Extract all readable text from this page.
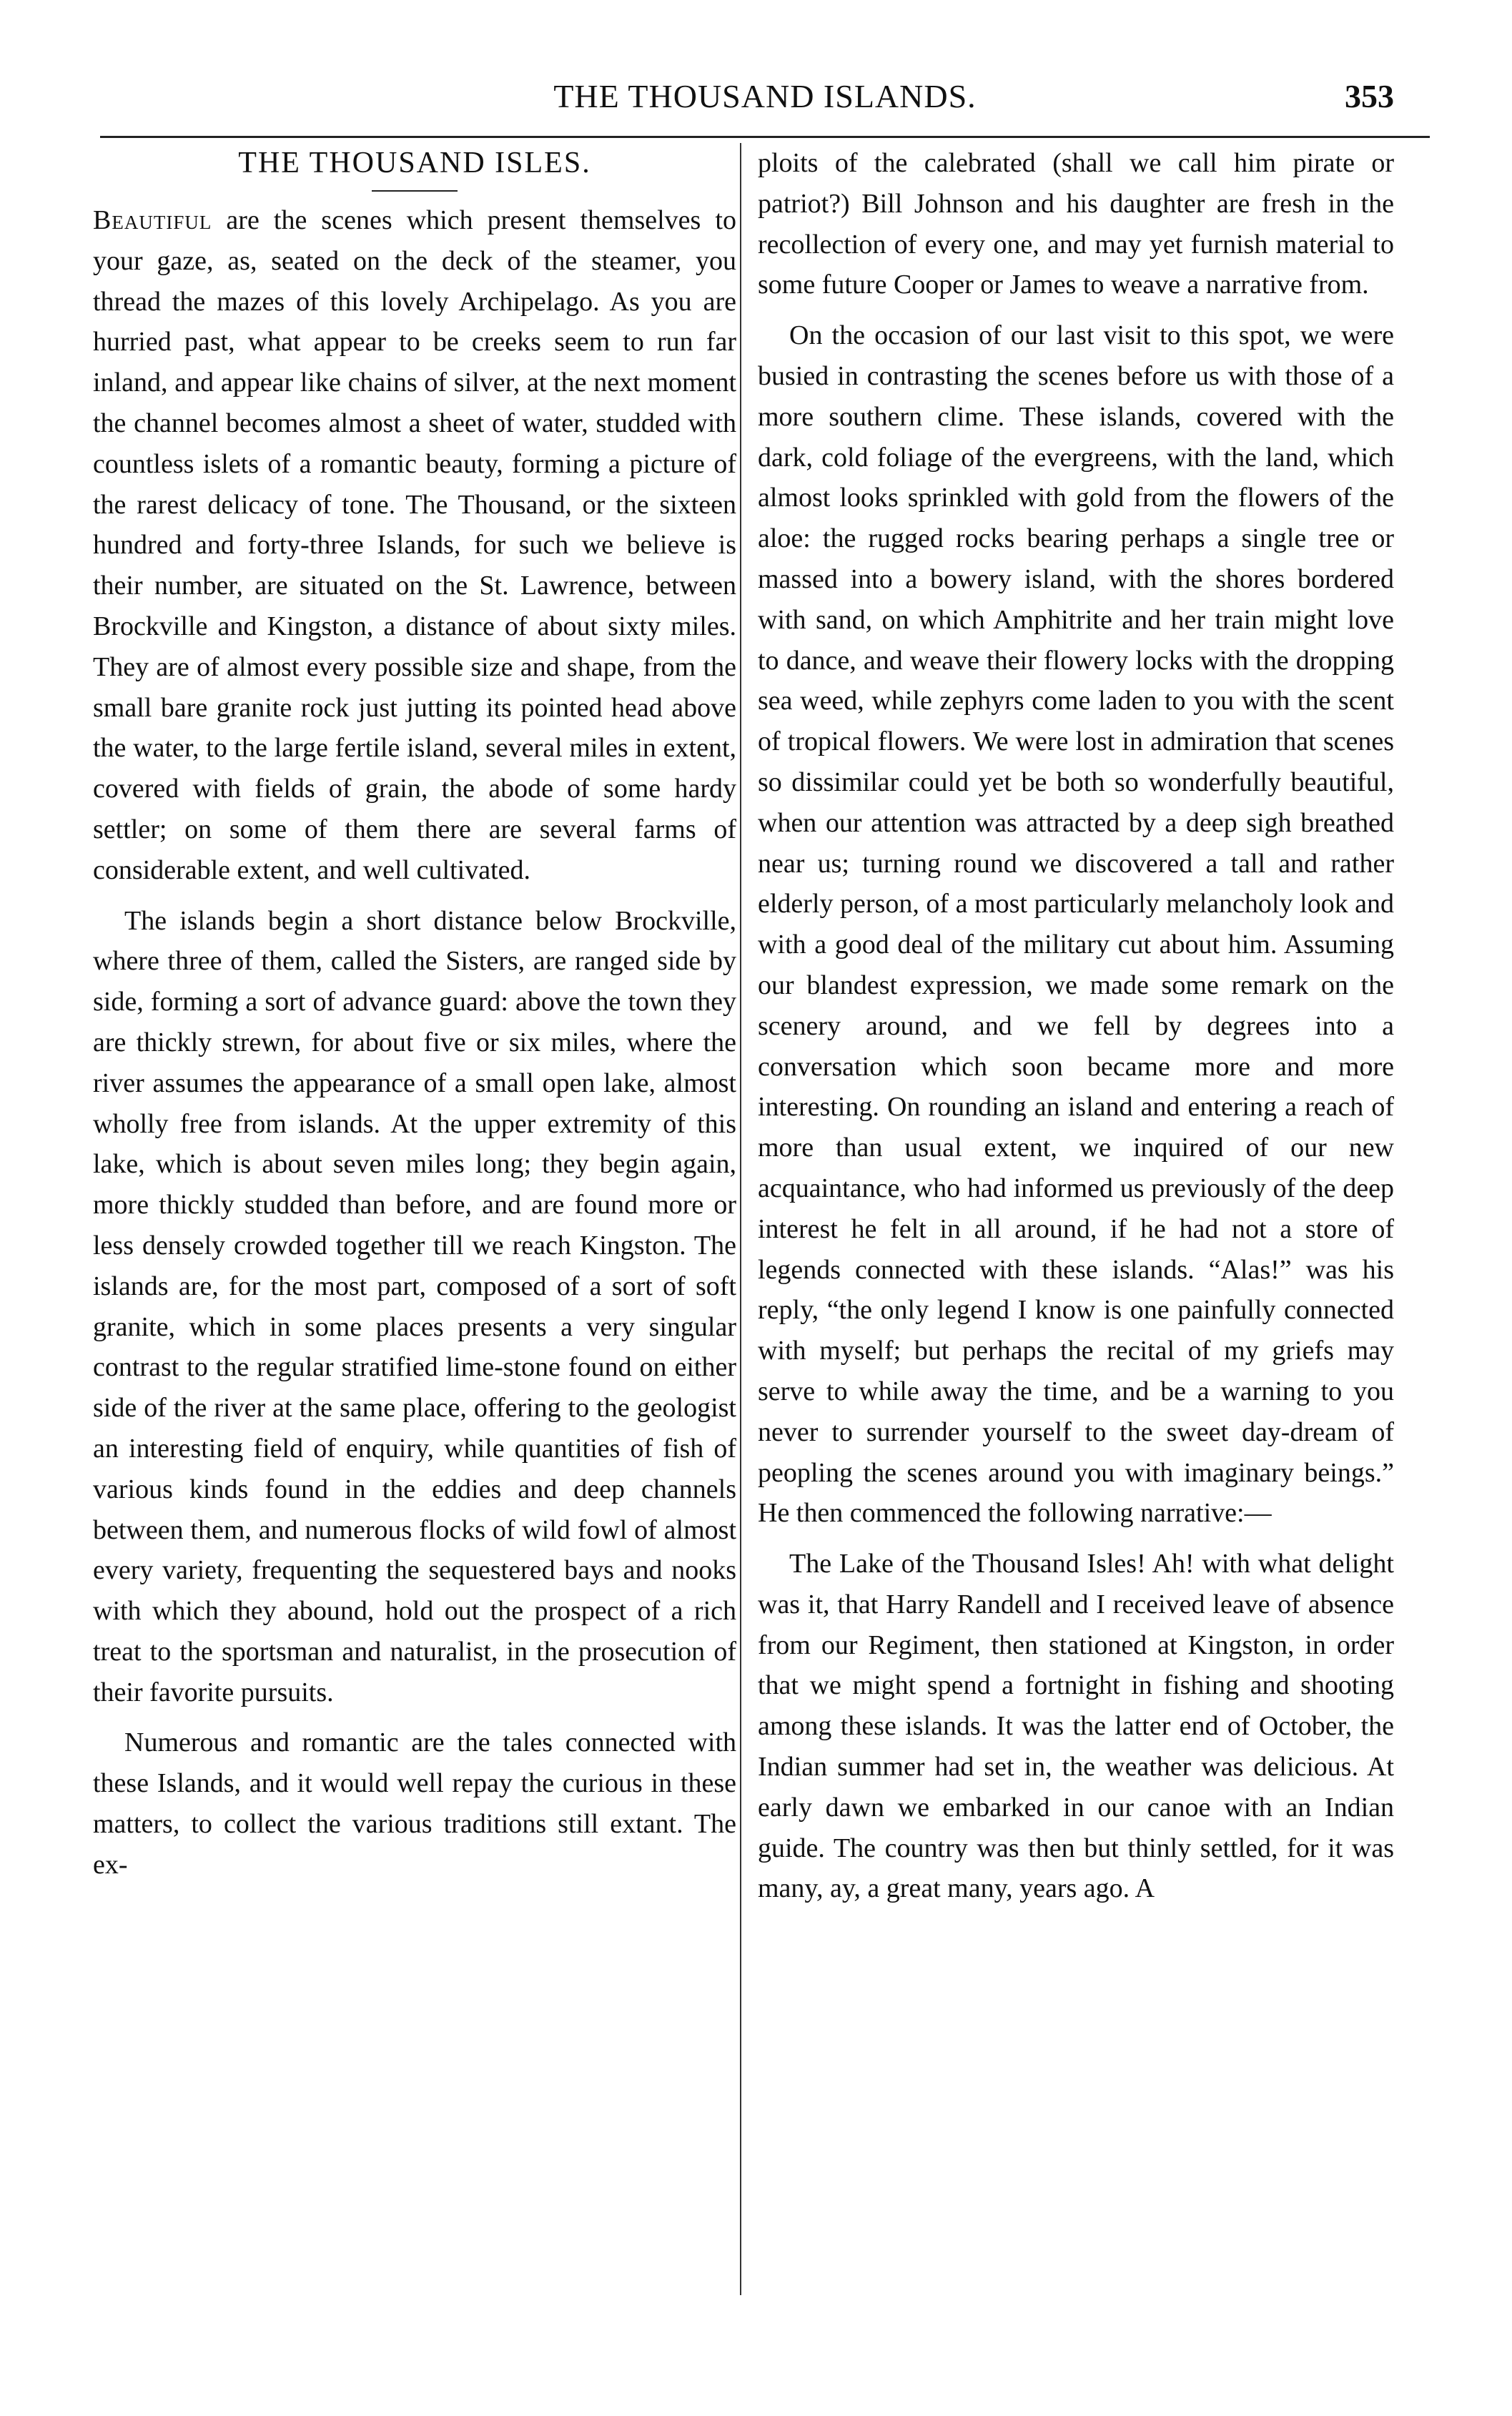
THE THOUSAND ISLANDS.	353
THE THOUSAND ISLES.

Beautiful are the scenes which present themselves to your gaze, as, seated on the deck of the steamer, you thread the mazes of this lovely Archipelago. As you are hurried past, what appear to be creeks seem to run far inland, and appear like chains of silver, at the next moment the channel becomes almost a sheet of water, studded with countless islets of a romantic beauty, forming a picture of the rarest delicacy of tone. The Thousand, or the sixteen hundred and forty-three Islands, for such we believe is their number, are situated on the St. Lawrence, between Brockville and Kingston, a distance of about sixty miles. They are of almost every possible size and shape, from the small bare granite rock just jutting its pointed head above the water, to the large fertile island, several miles in extent, covered with fields of grain, the abode of some hardy settler; on some of them there are several farms of considerable extent, and well cultivated.

The islands begin a short distance below Brockville, where three of them, called the Sisters, are ranged side by side, forming a sort of advance guard: above the town they are thickly strewn, for about five or six miles, where the river assumes the appearance of a small open lake, almost wholly free from islands. At the upper extremity of this lake, which is about seven miles long; they begin again, more thickly studded than before, and are found more or less densely crowded together till we reach Kingston. The islands are, for the most part, composed of a sort of soft granite, which in some places presents a very singular contrast to the regular stratified lime-stone found on either side of the river at the same place, offering to the geologist an interesting field of enquiry, while quantities of fish of various kinds found in the eddies and deep channels between them, and numerous flocks of wild fowl of almost every variety, frequenting the sequestered bays and nooks with which they abound, hold out the prospect of a rich treat to the sportsman and naturalist, in the prosecution of their favorite pursuits.

Numerous and romantic are the tales connected with these Islands, and it would well repay the curious in these matters, to collect the various traditions still extant. The ex-

ploits of the calebrated (shall we call him pirate or patriot?) Bill Johnson and his daughter are fresh in the recollection of every one, and may yet furnish material to some future Cooper or James to weave a narrative from.

On the occasion of our last visit to this spot, we were busied in contrasting the scenes before us with those of a more southern clime. These islands, covered with the dark, cold foliage of the evergreens, with the land, which almost looks sprinkled with gold from the flowers of the aloe: the rugged rocks bearing perhaps a single tree or massed into a bowery island, with the shores bordered with sand, on which Amphitrite and her train might love to dance, and weave their flowery locks with the dropping sea weed, while zephyrs come laden to you with the scent of tropical flowers. We were lost in admiration that scenes so dissimilar could yet be both so wonderfully beautiful, when our attention was attracted by a deep sigh breathed near us; turning round we discovered a tall and rather elderly person, of a most particularly melancholy look and with a good deal of the military cut about him. Assuming our blandest expression, we made some remark on the scenery around, and we fell by degrees into a conversation which soon became more and more interesting. On rounding an island and entering a reach of more than usual extent, we inquired of our new acquaintance, who had informed us previously of the deep interest he felt in all around, if he had not a store of legends connected with these islands. “Alas!” was his reply, “the only legend I know is one painfully connected with myself; but perhaps the recital of my griefs may serve to while away the time, and be a warning to you never to surrender yourself to the sweet day-dream of peopling the scenes around you with imaginary beings.” He then commenced the following narrative:—

The Lake of the Thousand Isles! Ah! with what delight was it, that Harry Randell and I received leave of absence from our Regiment, then stationed at Kingston, in order that we might spend a fortnight in fishing and shooting among these islands. It was the latter end of October, the Indian summer had set in, the weather was delicious. At early dawn we embarked in our canoe with an Indian guide. The country was then but thinly settled, for it was many, ay, a great many, years ago. A
